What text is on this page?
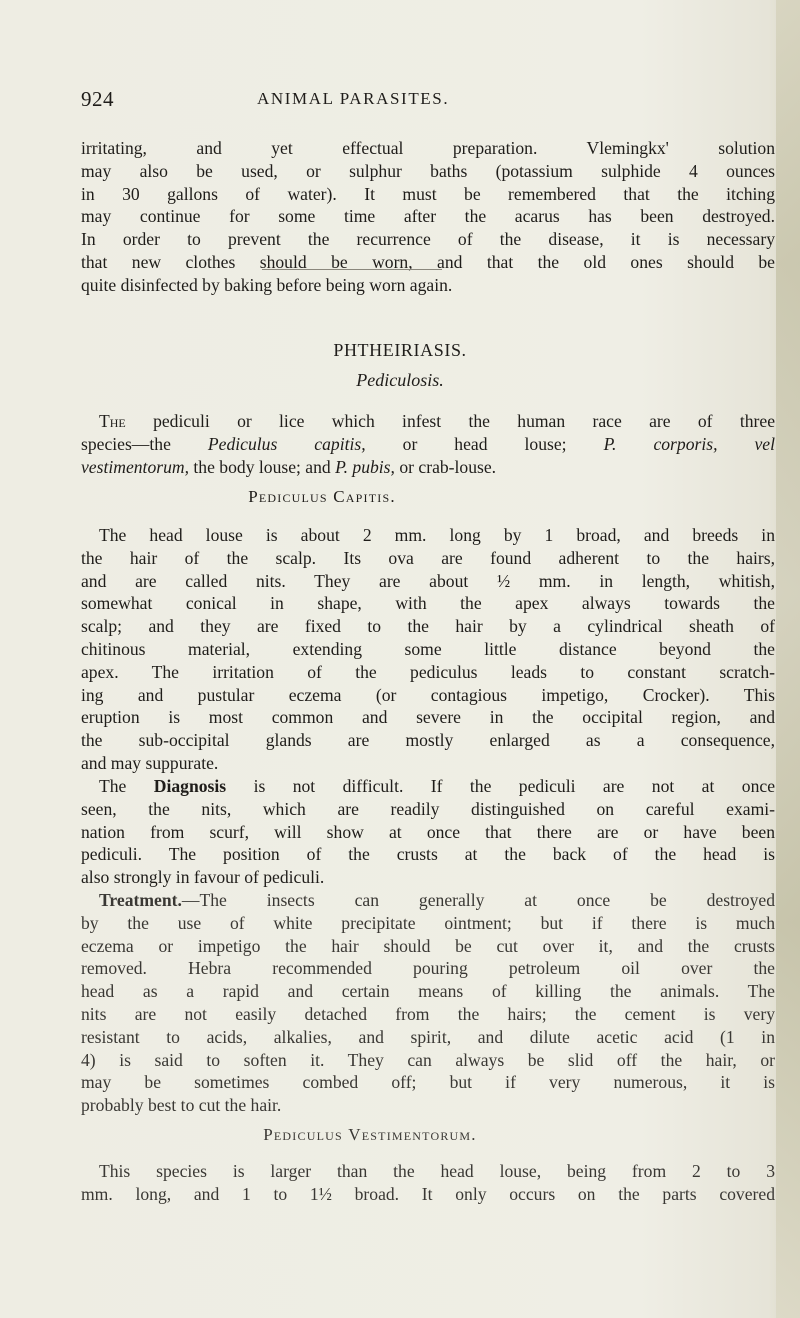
924	ANIMAL PARASITES.
irritating, and yet effectual preparation. Vlemingkx' solution
may also be used, or sulphur baths (potassium sulphide 4 ounces
in 30 gallons of water). It must be remembered that the itching
may continue for some time after the acarus has been destroyed.
In order to prevent the recurrence of the disease, it is necessary
that new clothes should be worn, and that the old ones should be
quite disinfected by baking before being worn again.
PHTHEIRIASIS.
Pediculosis.
The pediculi or lice which infest the human race are of three
species—the Pediculus capitis, or head louse; P. corporis, vel
vestimentorum, the body louse; and P. pubis, or crab-louse.
Pediculus Capitis.
The head louse is about 2 mm. long by 1 broad, and breeds in
the hair of the scalp. Its ova are found adherent to the hairs,
and are called nits. They are about ½ mm. in length, whitish,
somewhat conical in shape, with the apex always towards the
scalp; and they are fixed to the hair by a cylindrical sheath of
chitinous material, extending some little distance beyond the
apex. The irritation of the pediculus leads to constant scratch-
ing and pustular eczema (or contagious impetigo, Crocker). This
eruption is most common and severe in the occipital region, and
the sub-occipital glands are mostly enlarged as a consequence,
and may suppurate.
The Diagnosis is not difficult. If the pediculi are not at once
seen, the nits, which are readily distinguished on careful exami-
nation from scurf, will show at once that there are or have been
pediculi. The position of the crusts at the back of the head is
also strongly in favour of pediculi.
Treatment.—The insects can generally at once be destroyed
by the use of white precipitate ointment; but if there is much
eczema or impetigo the hair should be cut over it, and the crusts
removed. Hebra recommended pouring petroleum oil over the
head as a rapid and certain means of killing the animals. The
nits are not easily detached from the hairs; the cement is very
resistant to acids, alkalies, and spirit, and dilute acetic acid (1 in
4) is said to soften it. They can always be slid off the hair, or
may be sometimes combed off; but if very numerous, it is
probably best to cut the hair.
Pediculus Vestimentorum.
This species is larger than the head louse, being from 2 to 3
mm. long, and 1 to 1½ broad. It only occurs on the parts covered
